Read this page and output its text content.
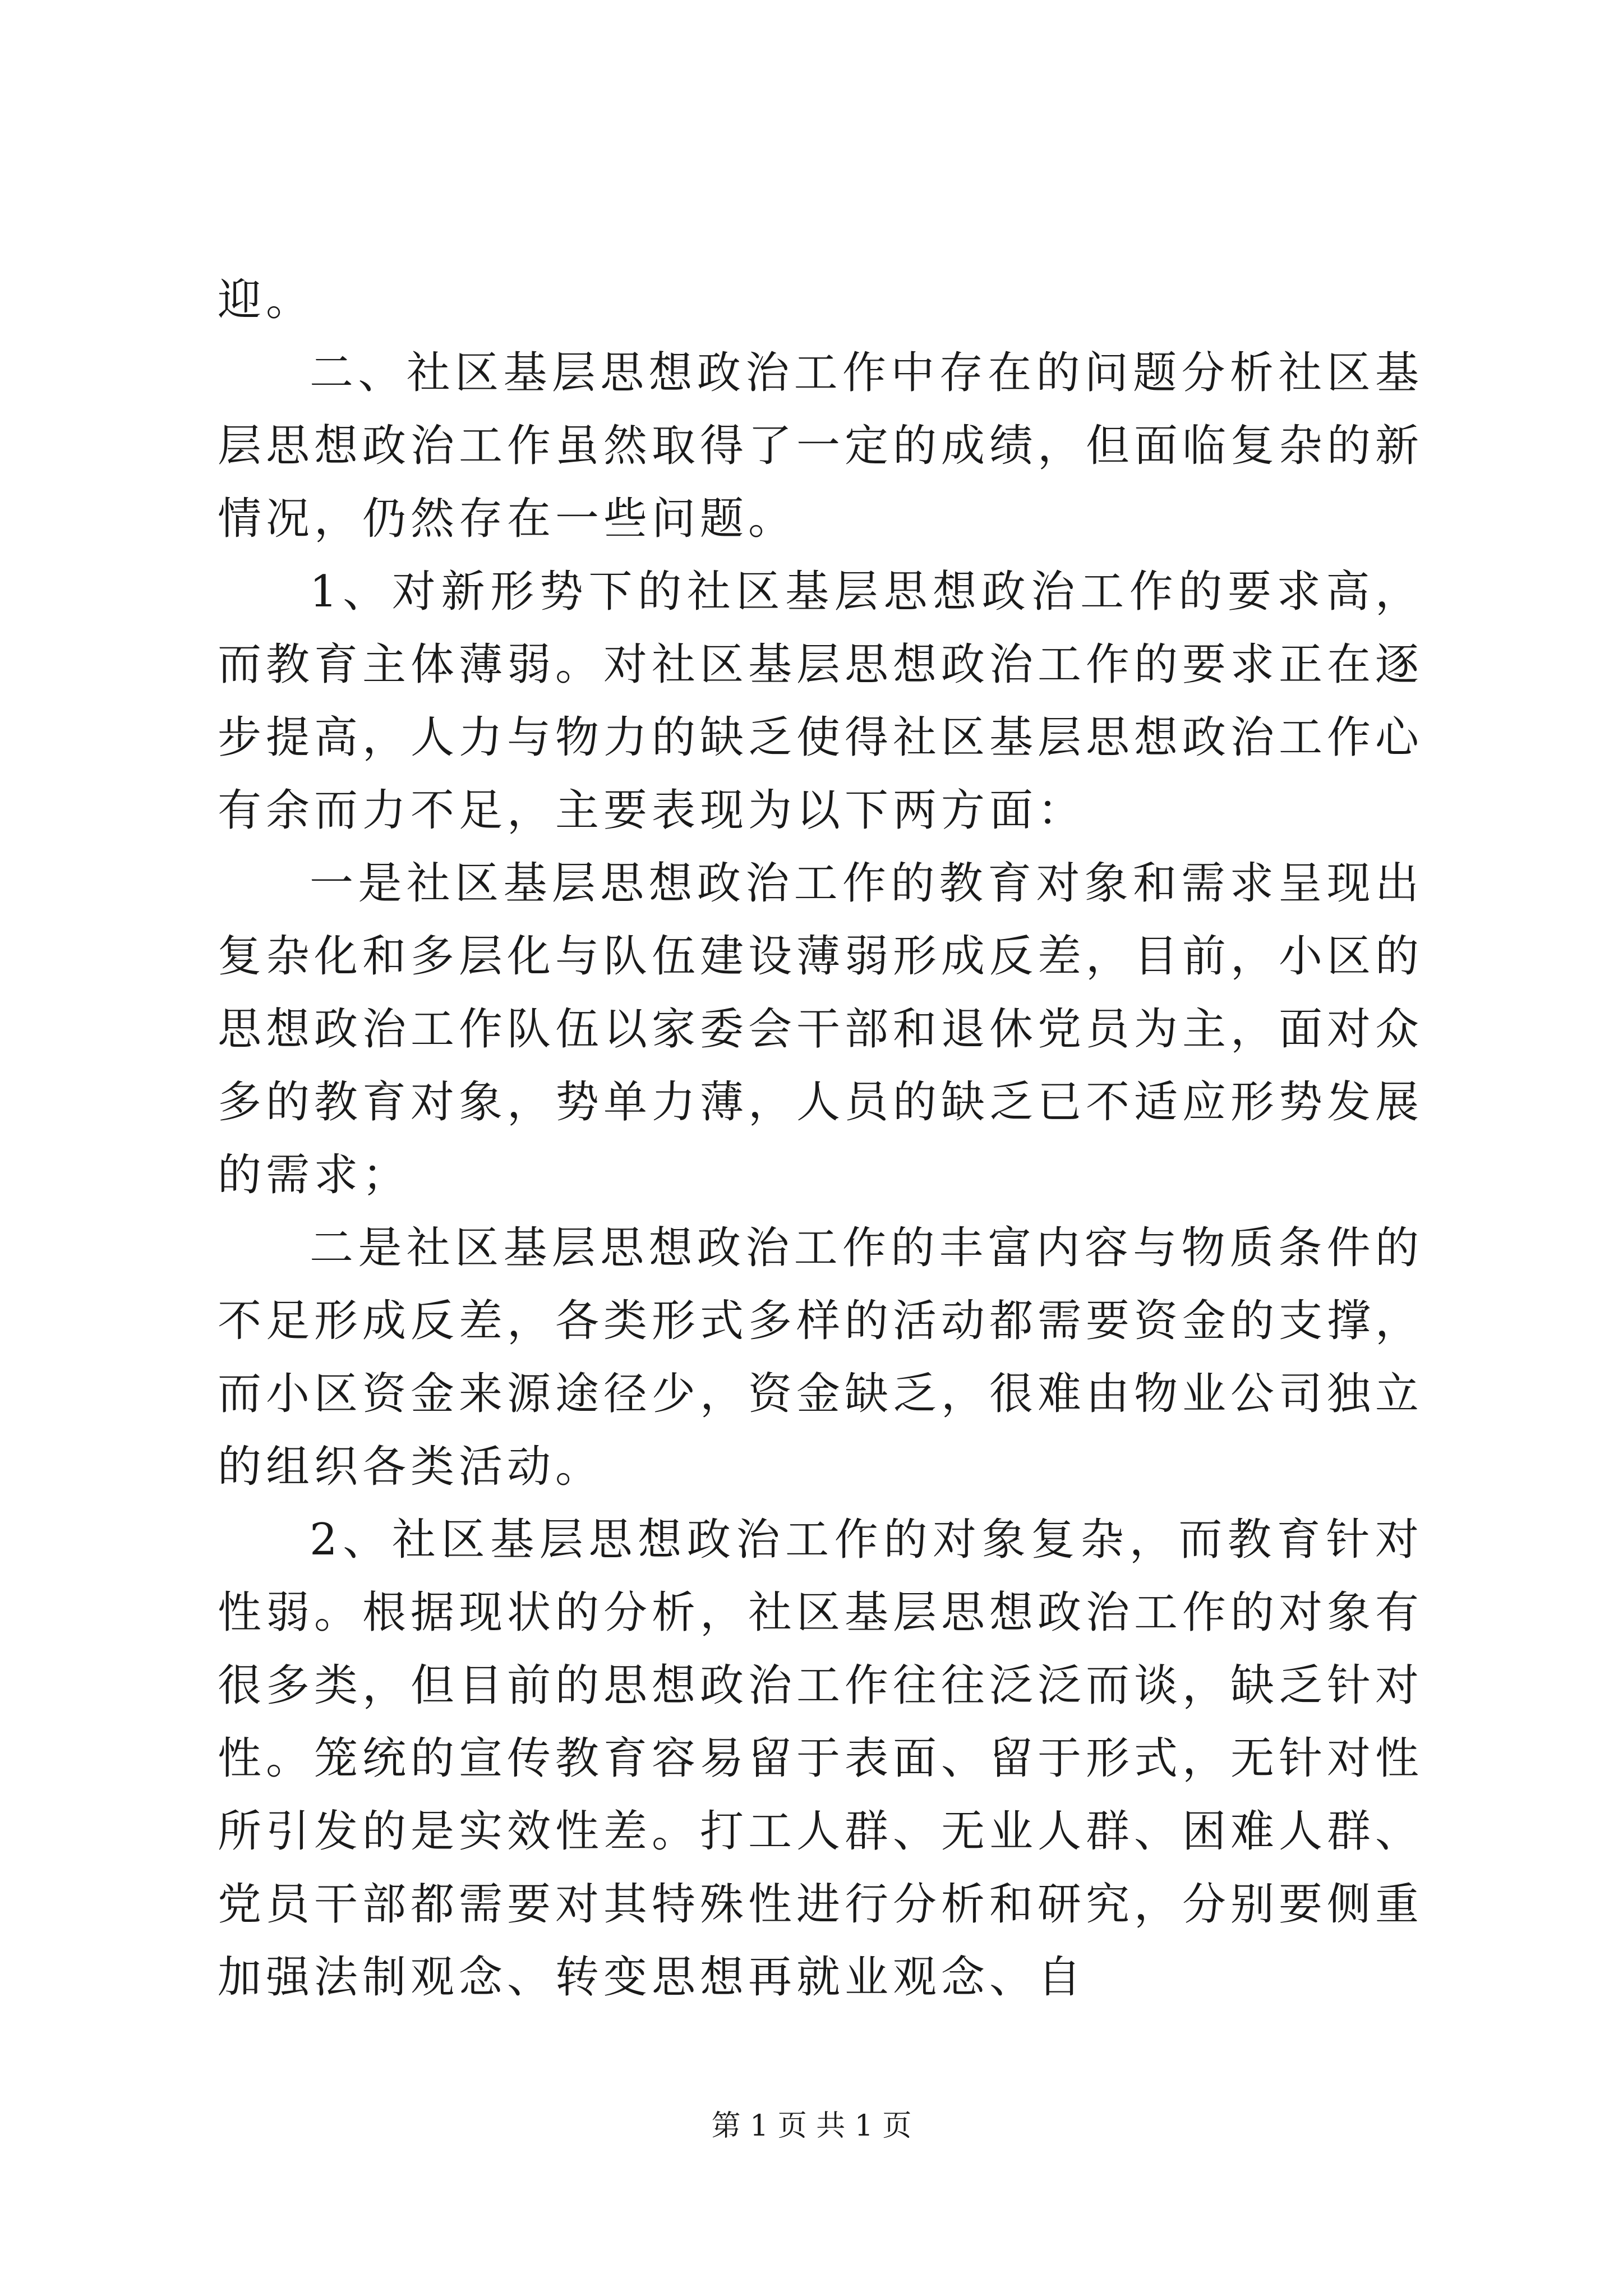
迎。

二、社区基层思想政治工作中存在的问题分析社区基层思想政治工作虽然取得了一定的成绩，但面临复杂的新情况，仍然存在一些问题。

1、对新形势下的社区基层思想政治工作的要求高，而教育主体薄弱。对社区基层思想政治工作的要求正在逐步提高，人力与物力的缺乏使得社区基层思想政治工作心有余而力不足，主要表现为以下两方面：

一是社区基层思想政治工作的教育对象和需求呈现出复杂化和多层化与队伍建设薄弱形成反差，目前，小区的思想政治工作队伍以家委会干部和退休党员为主，面对众多的教育对象，势单力薄，人员的缺乏已不适应形势发展的需求；

二是社区基层思想政治工作的丰富内容与物质条件的不足形成反差，各类形式多样的活动都需要资金的支撑，而小区资金来源途径少，资金缺乏，很难由物业公司独立的组织各类活动。

2、社区基层思想政治工作的对象复杂，而教育针对性弱。根据现状的分析，社区基层思想政治工作的对象有很多类，但目前的思想政治工作往往泛泛而谈，缺乏针对性。笼统的宣传教育容易留于表面、留于形式，无针对性所引发的是实效性差。打工人群、无业人群、困难人群、党员干部都需要对其特殊性进行分析和研究，分别要侧重加强法制观念、转变思想再就业观念、自

第 1 页 共 1 页
